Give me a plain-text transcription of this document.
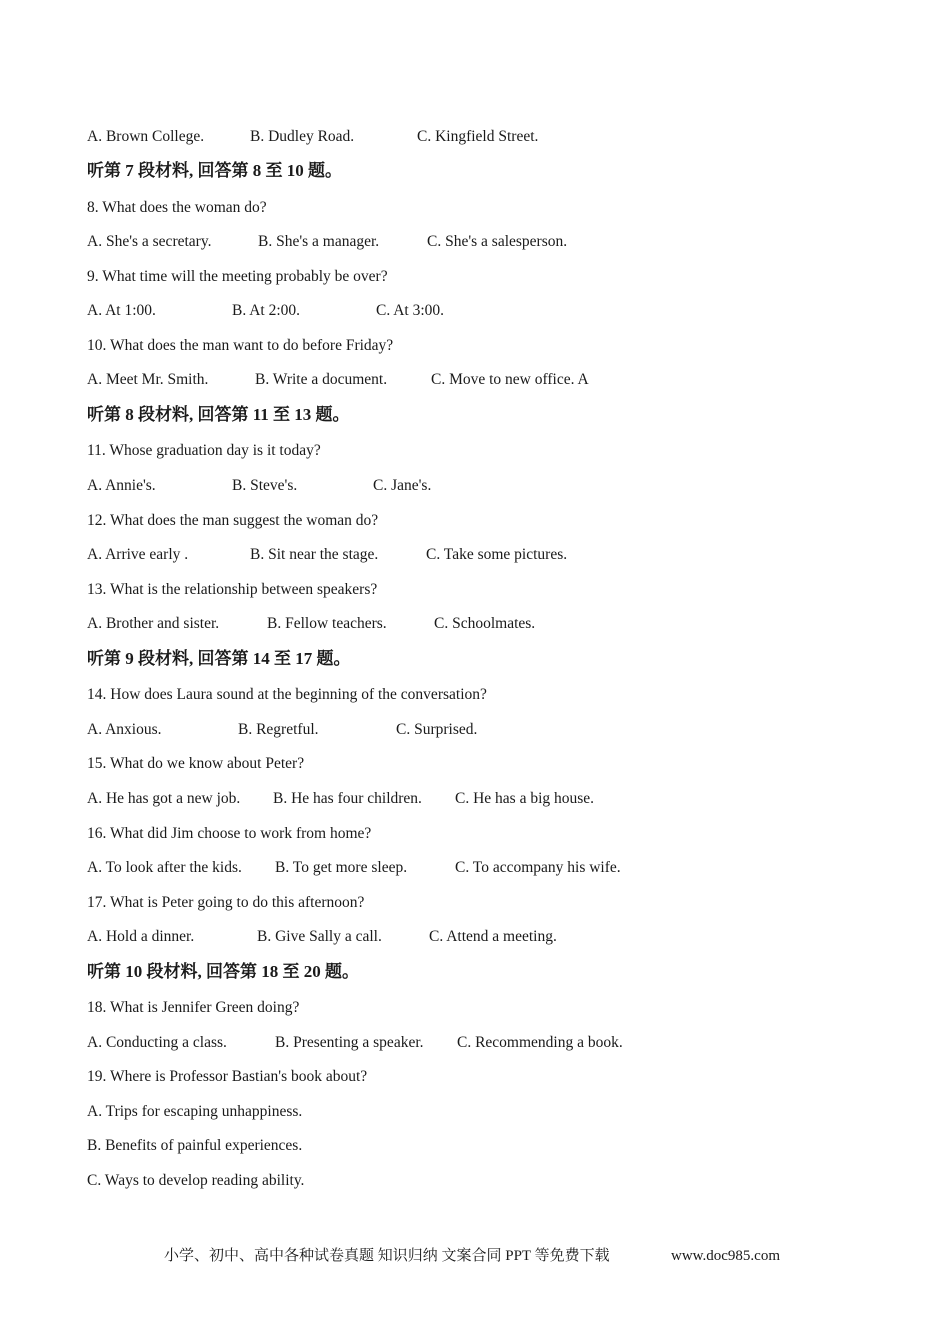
A. Brown College.	B. Dudley Road.	C. Kingfield Street.
听第 7 段材料, 回答第 8 至 10 题。
8. What does the woman do?
A. She's a secretary.	B. She's a manager.	C. She's a salesperson.
9. What time will the meeting probably be over?
A. At 1:00.	B. At 2:00.	C. At 3:00.
10. What does the man want to do before Friday?
A. Meet Mr. Smith.	B. Write a document.	C. Move to new office. A
听第 8 段材料, 回答第 11 至 13 题。
11. Whose graduation day is it today?
A. Annie's.	B. Steve's.	C. Jane's.
12. What does the man suggest the woman do?
A. Arrive early .	B. Sit near the stage.	C. Take some pictures.
13. What is the relationship between speakers?
A. Brother and sister.	B. Fellow teachers.	C. Schoolmates.
听第 9 段材料, 回答第 14 至 17 题。
14. How does Laura sound at the beginning of the conversation?
A. Anxious.	B. Regretful.	C. Surprised.
15. What do we know about Peter?
A. He has got a new job. B. He has four children. C. He has a big house.
16. What did Jim choose to work from home?
A. To look after the kids. B. To get more sleep.	C. To accompany his wife.
17. What is Peter going to do this afternoon?
A. Hold a dinner.	B. Give Sally a call.	C. Attend a meeting.
听第 10 段材料, 回答第 18 至 20 题。
18. What is Jennifer Green doing?
A. Conducting a class.	B. Presenting a speaker. C. Recommending a book.
19. Where is Professor Bastian's book about?
A. Trips for escaping unhappiness.
B. Benefits of painful experiences.
C. Ways to develop reading ability.
小学、初中、高中各种试卷真题 知识归纳 文案合同 PPT 等免费下载	www.doc985.com
